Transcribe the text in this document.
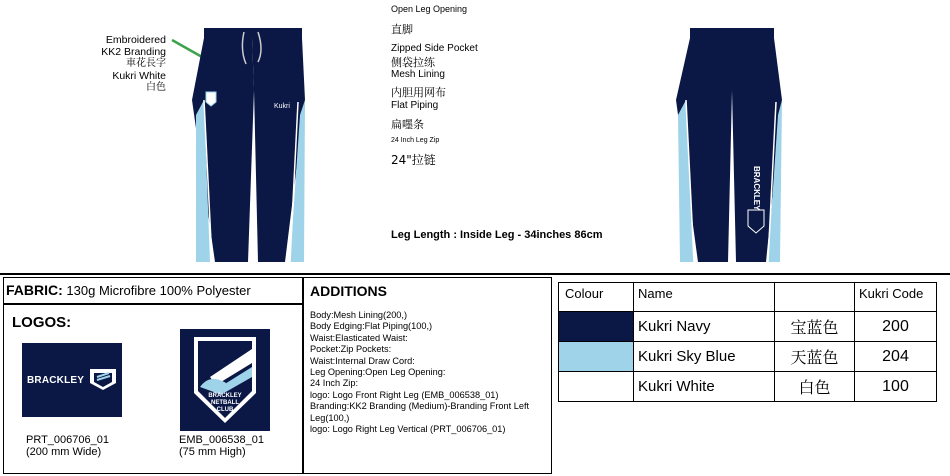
Embroidered
KK2 Branding
車花長字
Kukri White
白色
Kukri
Open Leg Opening
直脚
Zipped Side Pocket
侧袋拉练
Mesh Lining
内胆用网布
Flat Piping
扁嚜条
24 Inch Leg Zip
24"拉链
Leg Length : Inside Leg - 34inches 86cm
BRACKLEY
FABRIC: 130g Microfibre 100% Polyester
LOGOS:
BRACKLEY
PRT_006706_01
(200 mm Wide)
BRACKLEY
NETBALL
CLUB
EMB_006538_01
(75 mm High)
ADDITIONS
Body:Mesh Lining(200,)
Body Edging:Flat Piping(100,)
Waist:Elasticated Waist:
Pocket:Zip Pockets:
Waist:Internal Draw Cord:
Leg Opening:Open Leg Opening:
24 Inch Zip:
logo: Logo Front Right Leg (EMB_006538_01)
Branding:KK2 Branding (Medium)-Branding Front Left Leg(100,)
logo: Logo Right Leg Vertical (PRT_006706_01)
Colour	Name		Kukri Code
	Kukri Navy	宝蓝色	200
	Kukri Sky Blue	天蓝色	204
	Kukri White	白色	100
